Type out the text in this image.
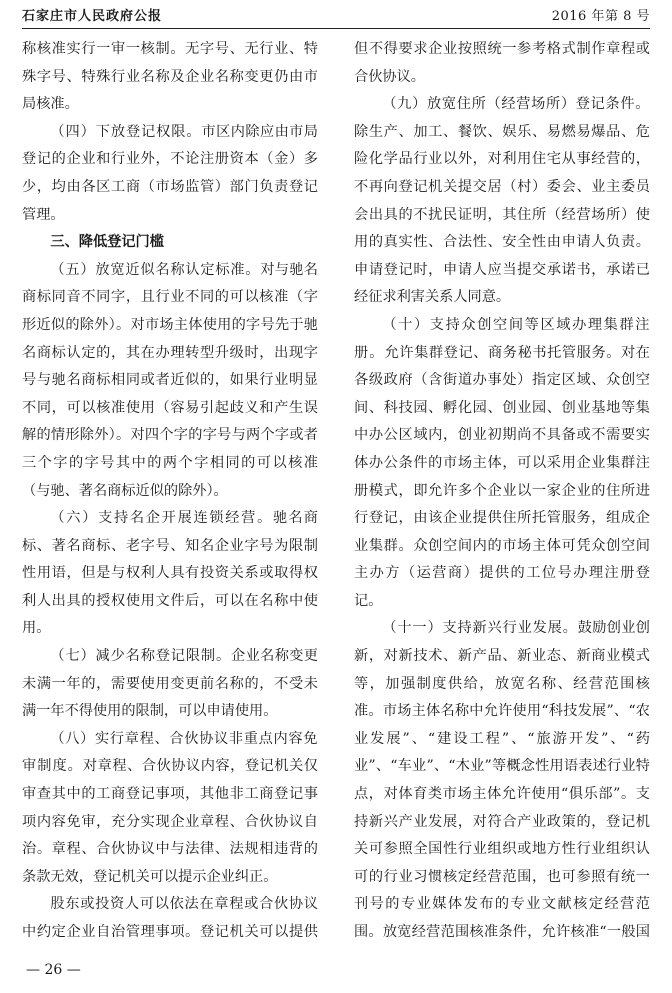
石家庄市人民政府公报	2016 年第 8 号

称核准实行一审一核制。无字号、无行业、特殊字号、特殊行业名称及企业名称变更仍由市局核准。

（四）下放登记权限。市区内除应由市局登记的企业和行业外，不论注册资本（金）多少，均由各区工商（市场监管）部门负责登记管理。

三、降低登记门槛

（五）放宽近似名称认定标准。对与驰名商标同音不同字，且行业不同的可以核准（字形近似的除外）。对市场主体使用的字号先于驰名商标认定的，其在办理转型升级时，出现字号与驰名商标相同或者近似的，如果行业明显不同，可以核准使用（容易引起歧义和产生误解的情形除外）。对四个字的字号与两个字或者三个字的字号其中的两个字相同的可以核准（与驰、著名商标近似的除外）。

（六）支持名企开展连锁经营。驰名商标、著名商标、老字号、知名企业字号为限制性用语，但是与权利人具有投资关系或取得权利人出具的授权使用文件后，可以在名称中使用。

（七）减少名称登记限制。企业名称变更未满一年的，需要使用变更前名称的，不受未满一年不得使用的限制，可以申请使用。

（八）实行章程、合伙协议非重点内容免审制度。对章程、合伙协议内容，登记机关仅审查其中的工商登记事项，其他非工商登记事项内容免审，充分实现企业章程、合伙协议自治。章程、合伙协议中与法律、法规相违背的条款无效，登记机关可以提示企业纠正。

股东或投资人可以依法在章程或合伙协议中约定企业自治管理事项。登记机关可以提供

但不得要求企业按照统一参考格式制作章程或合伙协议。

（九）放宽住所（经营场所）登记条件。除生产、加工、餐饮、娱乐、易燃易爆品、危险化学品行业以外，对利用住宅从事经营的，不再向登记机关提交居（村）委会、业主委员会出具的不扰民证明，其住所（经营场所）使用的真实性、合法性、安全性由申请人负责。申请登记时，申请人应当提交承诺书，承诺已经征求利害关系人同意。

（十）支持众创空间等区域办理集群注册。允许集群登记、商务秘书托管服务。对在各级政府（含街道办事处）指定区域、众创空间、科技园、孵化园、创业园、创业基地等集中办公区域内，创业初期尚不具备或不需要实体办公条件的市场主体，可以采用企业集群注册模式，即允许多个企业以一家企业的住所进行登记，由该企业提供住所托管服务，组成企业集群。众创空间内的市场主体可凭众创空间主办方（运营商）提供的工位号办理注册登记。

（十一）支持新兴行业发展。鼓励创业创新，对新技术、新产品、新业态、新商业模式等，加强制度供给，放宽名称、经营范围核准。市场主体名称中允许使用“科技发展”、“农业发展”、“建设工程”、“旅游开发”、“药业”、“车业”、“木业”等概念性用语表述行业特点，对体育类市场主体允许使用“俱乐部”。支持新兴产业发展，对符合产业政策的，登记机关可参照全国性行业组织或地方性行业组织认可的行业习惯核定经营范围，也可参照有统一刊号的专业媒体发布的专业文献核定经营范围。放宽经营范围核准条件，允许核准“一般国

— 26 —
